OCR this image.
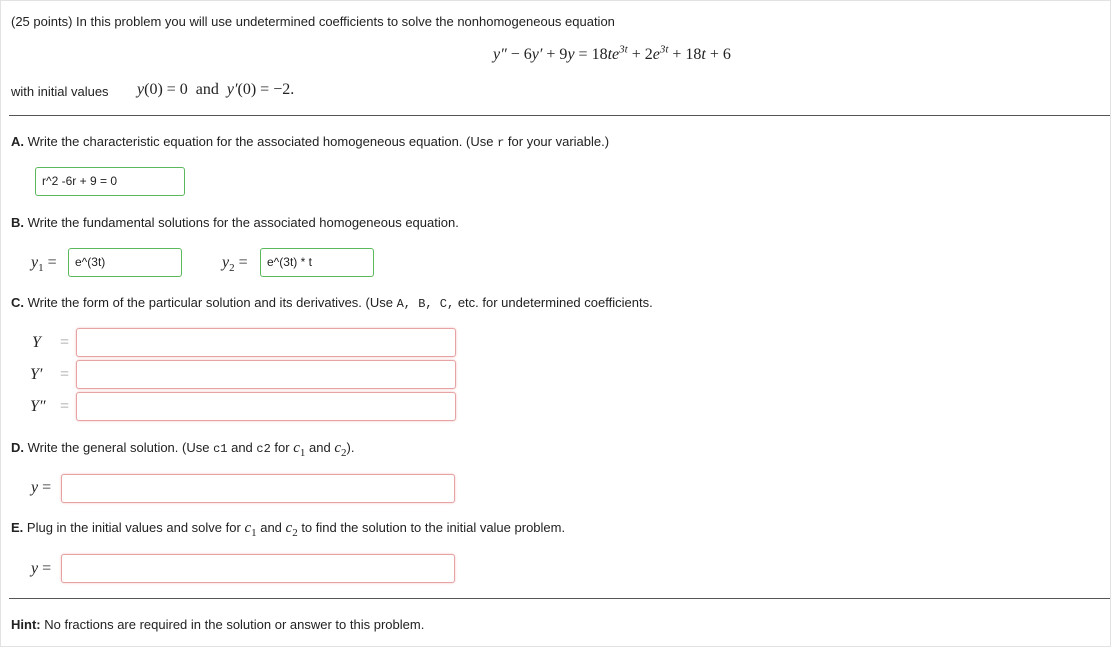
(25 points) In this problem you will use undetermined coefficients to solve the nonhomogeneous equation
$y'' - 6y' + 9y = 18te^{3t} + 2e^{3t} + 18t + 6$
with initial values y(0) = 0 and  y′(0) = −2.
A. Write the characteristic equation for the associated homogeneous equation. (Use r for your variable.)
r^2 -6r + 9 = 0
B. Write the fundamental solutions for the associated homogeneous equation.
$y_1$ =	e^(3t)	$y_2$ =	e^(3t) * t
C. Write the form of the particular solution and its derivatives. (Use A, B, C, etc. for undetermined coefficients.
Y =
Y′ =
Y″ =
D. Write the general solution. (Use c1 and c2 for $c_1$ and $c_2$).
y =
E. Plug in the initial values and solve for $c_1$ and $c_2$ to find the solution to the initial value problem.
y =
Hint: No fractions are required in the solution or answer to this problem.
